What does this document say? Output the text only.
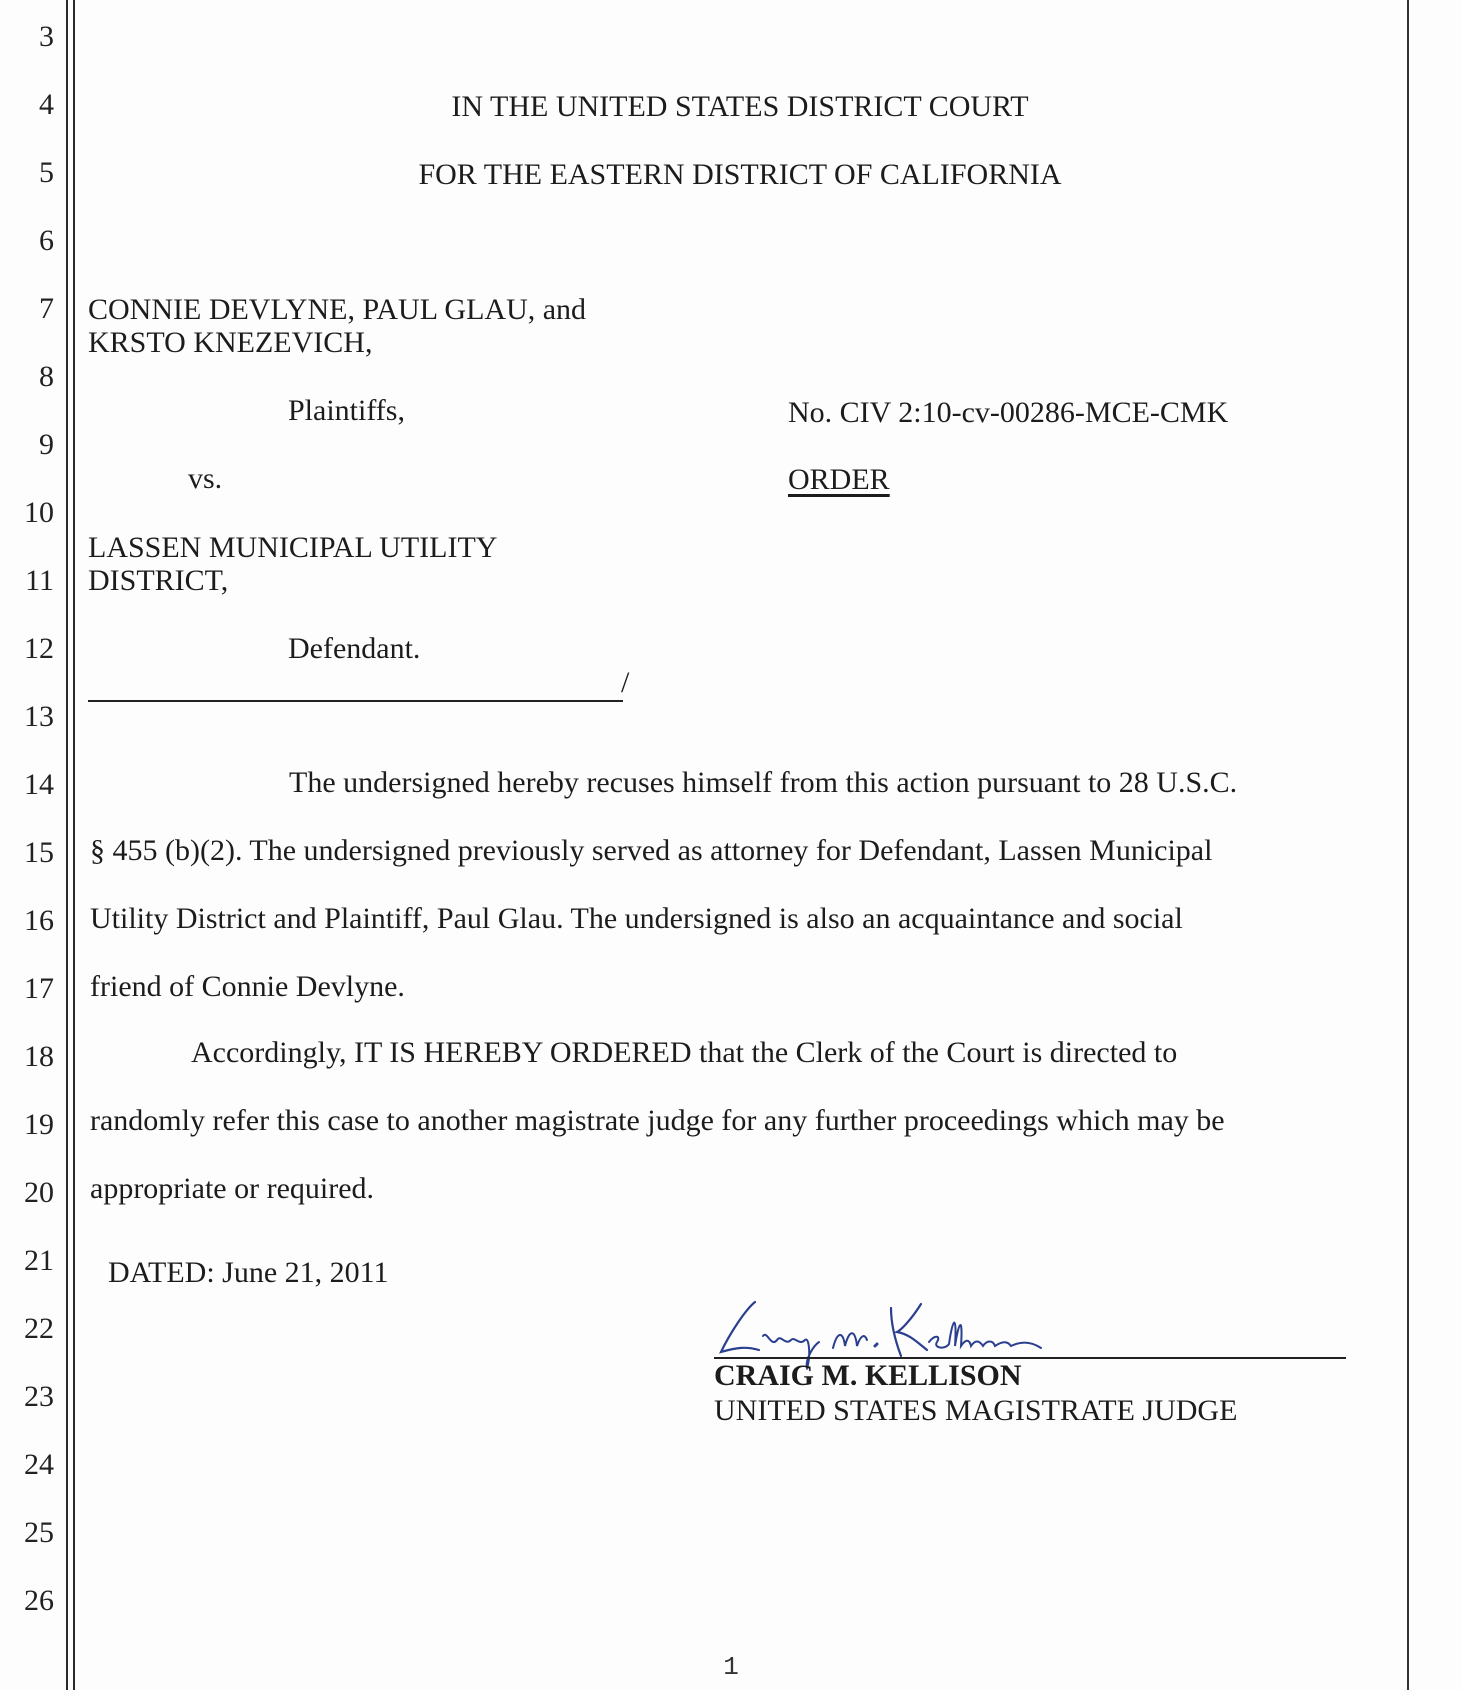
3
4
5
6
7
8
9
10
11
12
13
14
15
16
17
18
19
20
21
22
23
24
25
26
IN THE UNITED STATES DISTRICT COURT
FOR THE EASTERN DISTRICT OF CALIFORNIA
CONNIE DEVLYNE, PAUL GLAU, and
KRSTO KNEZEVICH,
Plaintiffs,
vs.
LASSEN MUNICIPAL UTILITY
DISTRICT,
Defendant.
/
No. CIV 2:10-cv-00286-MCE-CMK
ORDER
The undersigned hereby recuses himself from this action pursuant to 28 U.S.C.
§ 455 (b)(2). The undersigned previously served as attorney for Defendant, Lassen Municipal
Utility District and Plaintiff, Paul Glau. The undersigned is also an acquaintance and social
friend of Connie Devlyne.
Accordingly, IT IS HEREBY ORDERED that the Clerk of the Court is directed to
randomly refer this case to another magistrate judge for any further proceedings which may be
appropriate or required.
DATED: June 21, 2011
CRAIG M. KELLISON
UNITED STATES MAGISTRATE JUDGE
1
